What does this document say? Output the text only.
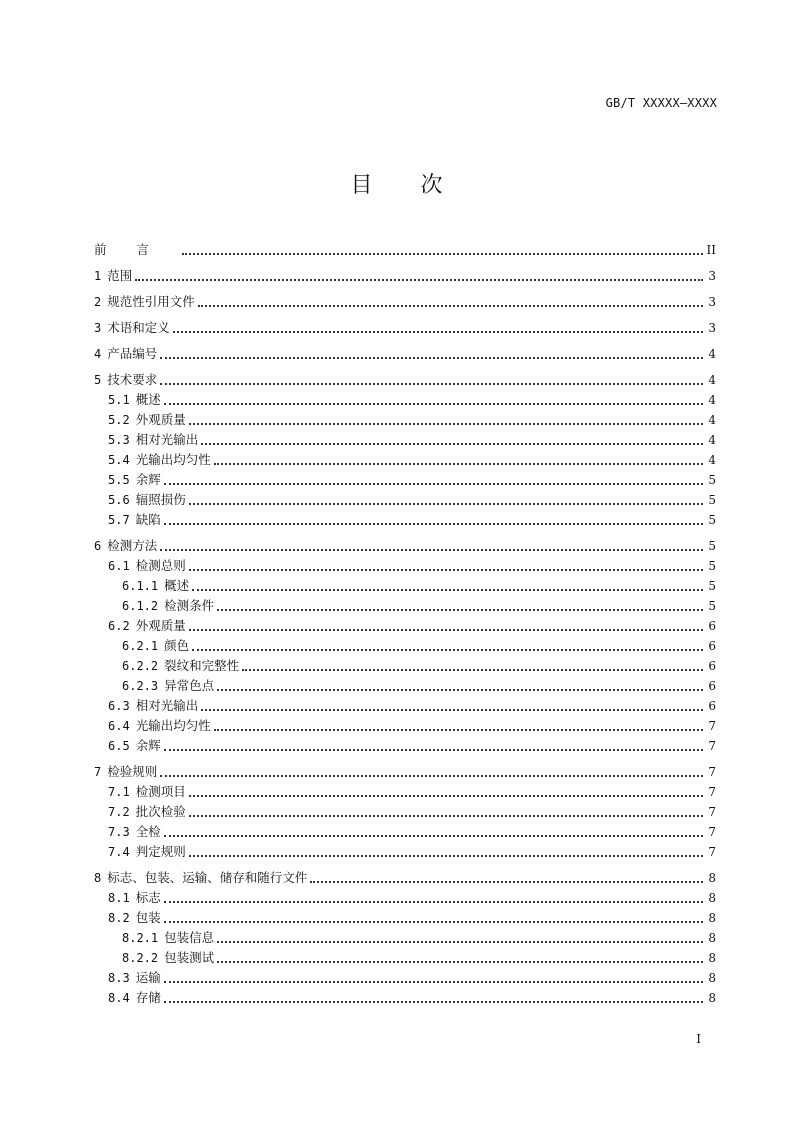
GB/T XXXXX—XXXX
目 次
前言	II
1 范围	3
2 规范性引用文件	3
3 术语和定义	3
4 产品编号	4
5 技术要求	4
5.1 概述	4
5.2 外观质量	4
5.3 相对光输出	4
5.4 光输出均匀性	4
5.5 余辉	5
5.6 辐照损伤	5
5.7 缺陷	5
6 检测方法	5
6.1 检测总则	5
6.1.1 概述	5
6.1.2 检测条件	5
6.2 外观质量	6
6.2.1 颜色	6
6.2.2 裂纹和完整性	6
6.2.3 异常色点	6
6.3 相对光输出	6
6.4 光输出均匀性	7
6.5 余辉	7
7 检验规则	7
7.1 检测项目	7
7.2 批次检验	7
7.3 全检	7
7.4 判定规则	7
8 标志、包装、运输、储存和随行文件	8
8.1 标志	8
8.2 包装	8
8.2.1 包装信息	8
8.2.2 包装测试	8
8.3 运输	8
8.4 存储	8
I
